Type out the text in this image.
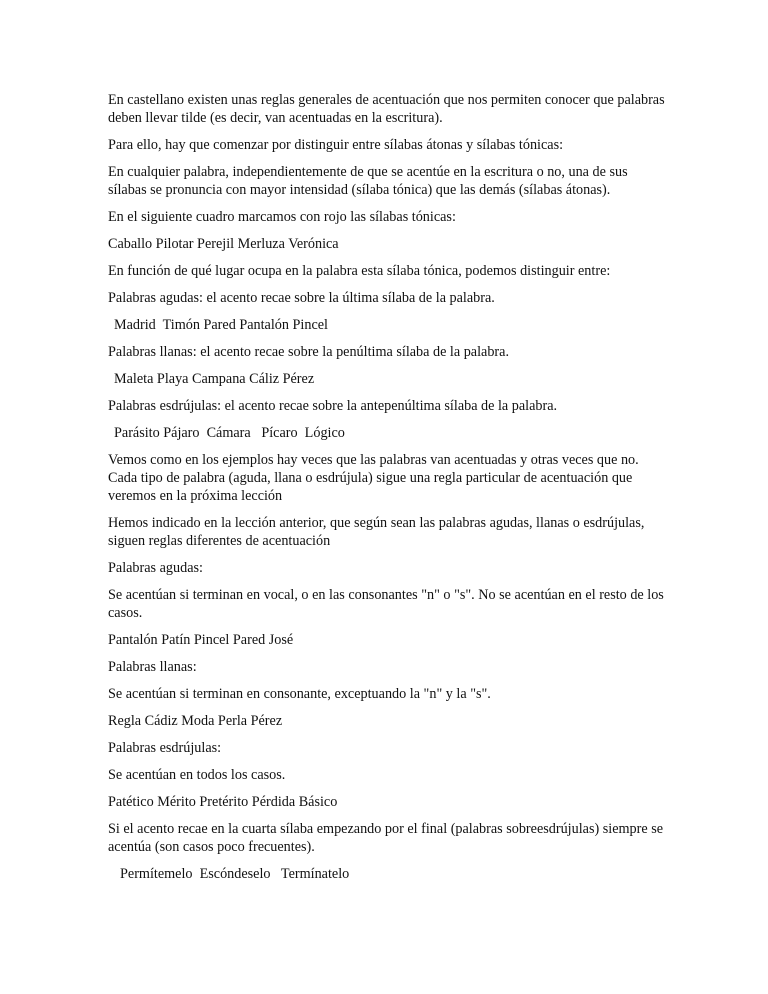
En castellano existen unas reglas generales de acentuación que nos permiten conocer que palabras deben llevar tilde (es decir, van acentuadas en la escritura).

Para ello, hay que comenzar por distinguir entre sílabas átonas y sílabas tónicas:

En cualquier palabra, independientemente de que se acentúe en la escritura o no, una de sus sílabas se pronuncia con mayor intensidad (sílaba tónica) que las demás (sílabas átonas).

En el siguiente cuadro marcamos con rojo las sílabas tónicas:

Caballo Pilotar Perejil Merluza Verónica

En función de qué lugar ocupa en la palabra esta sílaba tónica, podemos distinguir entre:

Palabras agudas: el acento recae sobre la última sílaba de la palabra.

Madrid  Timón Pared Pantalón Pincel

Palabras llanas: el acento recae sobre la penúltima sílaba de la palabra.

Maleta Playa Campana Cáliz Pérez

Palabras esdrújulas: el acento recae sobre la antepenúltima sílaba de la palabra.

Parásito Pájaro  Cámara   Pícaro  Lógico

Vemos como en los ejemplos hay veces que las palabras van acentuadas y otras veces que no. Cada tipo de palabra (aguda, llana o esdrújula) sigue una regla particular de acentuación que veremos en la próxima lección

Hemos indicado en la lección anterior, que según sean las palabras agudas, llanas o esdrújulas, siguen reglas diferentes de acentuación

Palabras agudas:

Se acentúan si terminan en vocal, o en las consonantes "n" o "s". No se acentúan en el resto de los casos.

Pantalón Patín Pincel Pared José

Palabras llanas:

Se acentúan si terminan en consonante, exceptuando la "n" y la "s".

Regla Cádiz Moda Perla Pérez

Palabras esdrújulas:

Se acentúan en todos los casos.

Patético Mérito Pretérito Pérdida Básico

Si el acento recae en la cuarta sílaba empezando por el final (palabras sobreesdrújulas) siempre se acentúa (son casos poco frecuentes).

Permítemelo  Escóndeselo   Termínatelo
